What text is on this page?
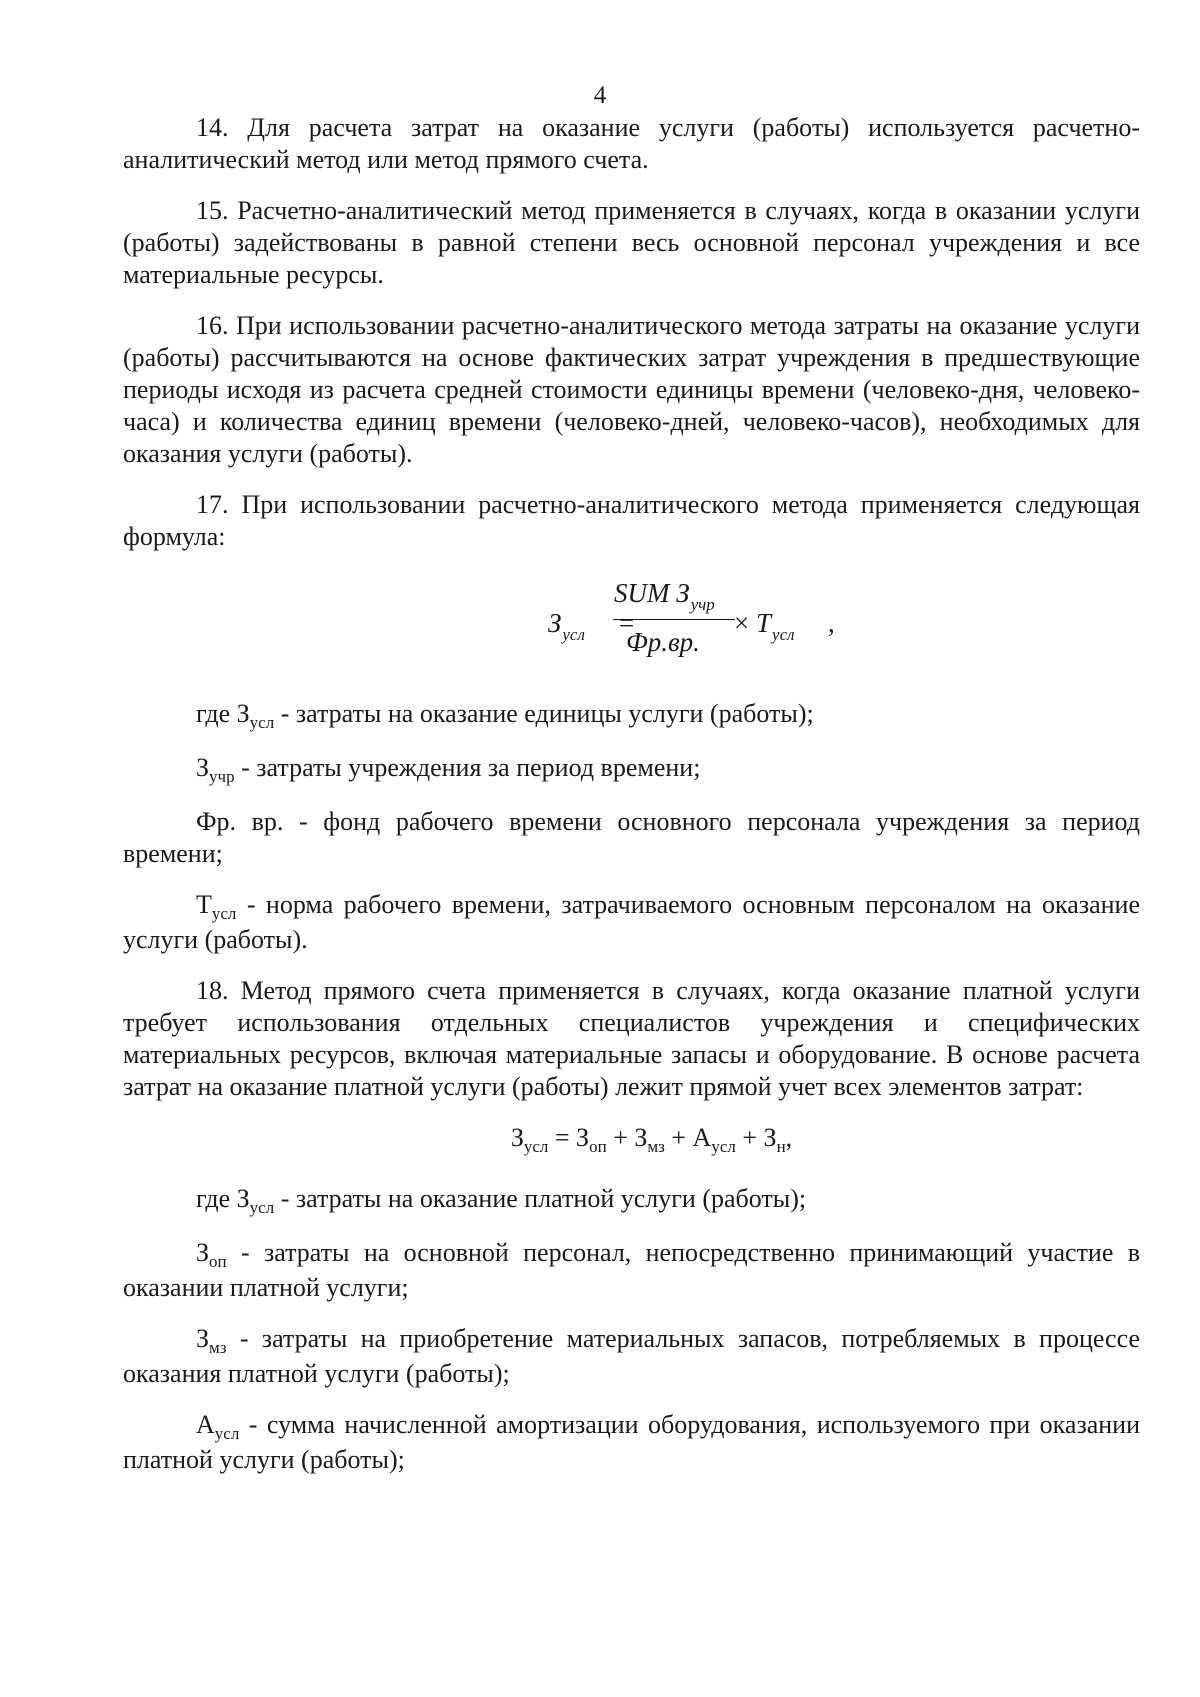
4

14. Для расчета затрат на оказание услуги (работы) используется расчетно-аналитический метод или метод прямого счета.

15. Расчетно-аналитический метод применяется в случаях, когда в оказании услуги (работы) задействованы в равной степени весь основной персонал учреждения и все материальные ресурсы.

16. При использовании расчетно-аналитического метода затраты на оказание услуги (работы) рассчитываются на основе фактических затрат учреждения в предшествующие периоды исходя из расчета средней стоимости единицы времени (человеко-дня, человеко-часа) и количества единиц времени (человеко-дней, человеко-часов), необходимых для оказания услуги (работы).

17. При использовании расчетно-аналитического метода применяется следующая формула:

$З_{усл}$ =
SUM $З_{учр}$
Фр.вр.
× $T_{усл}$ ,

где $З_{усл}$ - затраты на оказание единицы услуги (работы);

$З_{учр}$ - затраты учреждения за период времени;

Фр. вр. - фонд рабочего времени основного персонала учреждения за период времени;

$Т_{усл}$ - норма рабочего времени, затрачиваемого основным персоналом на оказание услуги (работы).

18. Метод прямого счета применяется в случаях, когда оказание платной услуги требует использования отдельных специалистов учреждения и специфических материальных ресурсов, включая материальные запасы и оборудование. В основе расчета затрат на оказание платной услуги (работы) лежит прямой учет всех элементов затрат:

$З_{усл} = З_{оп} + З_{мз} + А_{усл} + З_н$,

где $З_{усл}$ - затраты на оказание платной услуги (работы);

$З_{оп}$ - затраты на основной персонал, непосредственно принимающий участие в оказании платной услуги;

$З_{мз}$ - затраты на приобретение материальных запасов, потребляемых в процессе оказания платной услуги (работы);

$А_{усл}$ - сумма начисленной амортизации оборудования, используемого при оказании платной услуги (работы);
